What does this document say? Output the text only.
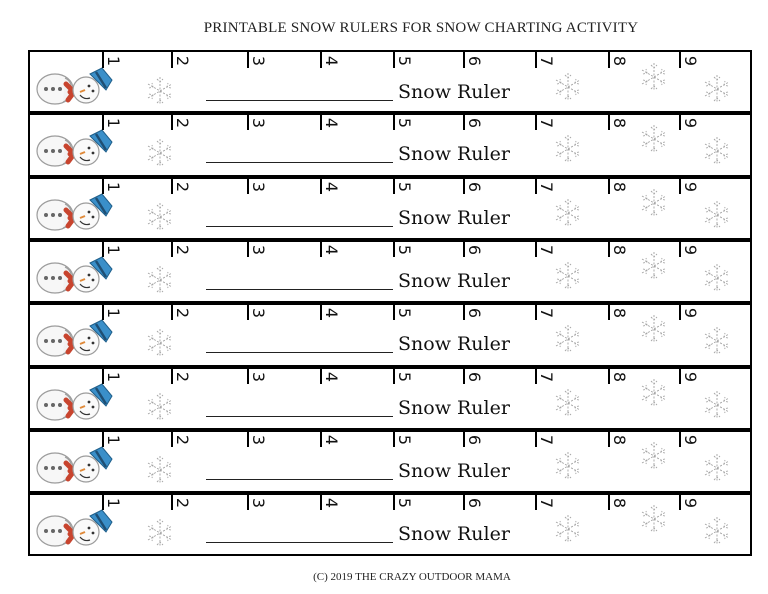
PRINTABLE SNOW RULERS FOR SNOW CHARTING ACTIVITY
1	2	3	4	5	6	7	8	9
Snow Ruler
1	2	3	4	5	6	7	8	9
Snow Ruler
1	2	3	4	5	6	7	8	9
Snow Ruler
1	2	3	4	5	6	7	8	9
Snow Ruler
1	2	3	4	5	6	7	8	9
Snow Ruler
1	2	3	4	5	6	7	8	9
Snow Ruler
1	2	3	4	5	6	7	8	9
Snow Ruler
1	2	3	4	5	6	7	8	9
Snow Ruler
(C) 2019 THE CRAZY OUTDOOR MAMA
